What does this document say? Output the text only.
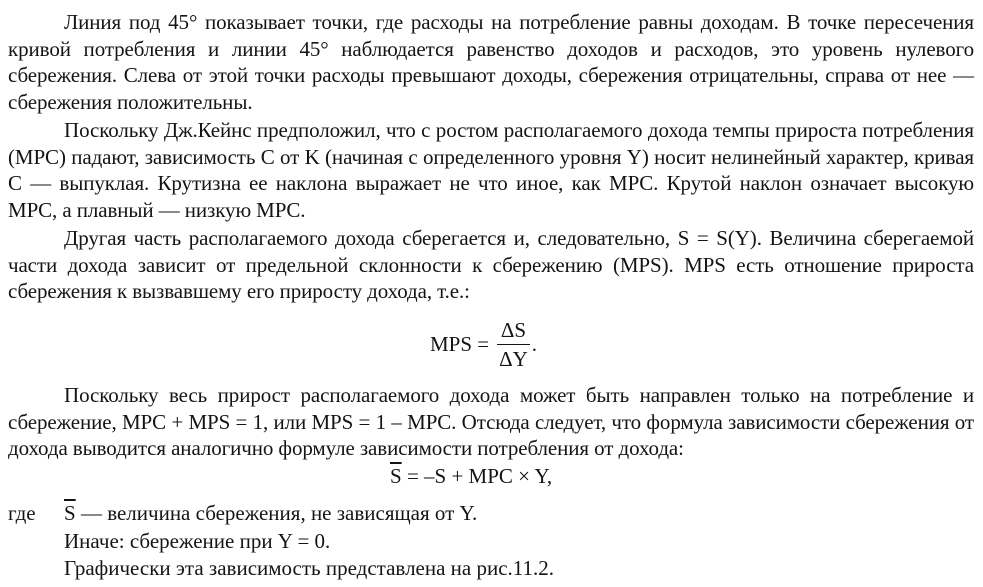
Линия под 45° показывает точки, где расходы на потребление равны доходам. В точке пересечения кривой потребления и линии 45° наблюдается равенство доходов и расходов, это уровень нулевого сбережения. Слева от этой точки расходы превышают доходы, сбережения отрицательны, справа от нее — сбережения положительны.

Поскольку Дж.Кейнс предположил, что с ростом располагаемого дохода темпы прироста потребления (MPC) падают, зависимость C от K (начиная с определенного уровня Y) носит нелинейный характер, кривая C — выпуклая. Крутизна ее наклона выражает не что иное, как MPC. Крутой наклон означает высокую MPC, а плавный — низкую MPC.

Другая часть располагаемого дохода сберегается и, следовательно, S = S(Y). Величина сберегаемой части дохода зависит от предельной склонности к сбережению (MPS). MPS есть отношение прироста сбережения к вызвавшему его приросту дохода, т.е.:

MPS = $\frac{\Delta S}{\Delta Y}$ .

Поскольку весь прирост располагаемого дохода может быть направлен только на потребление и сбережение, MPC + MPS = 1, или MPS = 1 – MPC. Отсюда следует, что формула зависимости сбережения от дохода выводится аналогично формуле зависимости потребления от дохода:

$\overline{S} = -S$ + MPC × Y,
где $\overline{S}$ — величина сбережения, не зависящая от Y.
Иначе: сбережение при Y = 0.
Графически эта зависимость представлена на рис.11.2.
